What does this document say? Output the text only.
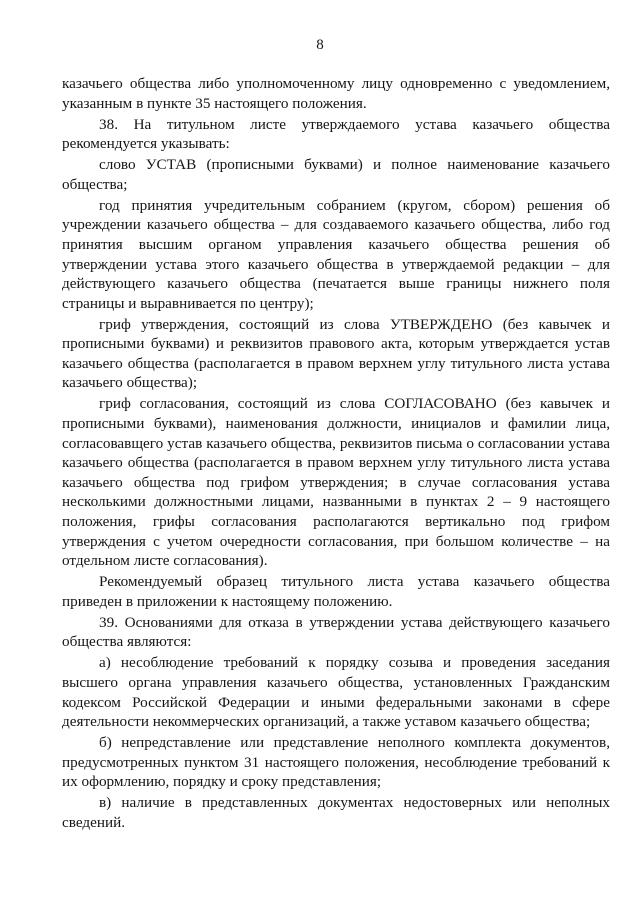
8

казачьего общества либо уполномоченному лицу одновременно с уведомлением, указанным в пункте 35 настоящего положения.

38. На титульном листе утверждаемого устава казачьего общества рекомендуется указывать:

слово УСТАВ (прописными буквами) и полное наименование казачьего общества;

год принятия учредительным собранием (кругом, сбором) решения об учреждении казачьего общества – для создаваемого казачьего общества, либо год принятия высшим органом управления казачьего общества решения об утверждении устава этого казачьего общества в утверждаемой редакции – для действующего казачьего общества (печатается выше границы нижнего поля страницы и выравнивается по центру);

гриф утверждения, состоящий из слова УТВЕРЖДЕНО (без кавычек и прописными буквами) и реквизитов правового акта, которым утверждается устав казачьего общества (располагается в правом верхнем углу титульного листа устава казачьего общества);

гриф согласования, состоящий из слова СОГЛАСОВАНО (без кавычек и прописными буквами), наименования должности, инициалов и фамилии лица, согласовавщего устав казачьего общества, реквизитов письма о согласовании устава казачьего общества (располагается в правом верхнем углу титульного листа устава казачьего общества под грифом утверждения; в случае согласования устава несколькими должностными лицами, названными в пунктах 2 – 9 настоящего положения, грифы согласования располагаются вертикально под грифом утверждения с учетом очередности согласования, при большом количестве – на отдельном листе согласования).

Рекомендуемый образец титульного листа устава казачьего общества приведен в приложении к настоящему положению.

39. Основаниями для отказа в утверждении устава действующего казачьего общества являются:

а) несоблюдение требований к порядку созыва и проведения заседания высшего органа управления казачьего общества, установленных Гражданским кодексом Российской Федерации и иными федеральными законами в сфере деятельности некоммерческих организаций, а также уставом казачьего общества;

б) непредставление или представление неполного комплекта документов, предусмотренных пунктом 31 настоящего положения, несоблюдение требований к их оформлению, порядку и сроку представления;

в) наличие в представленных документах недостоверных или неполных сведений.
